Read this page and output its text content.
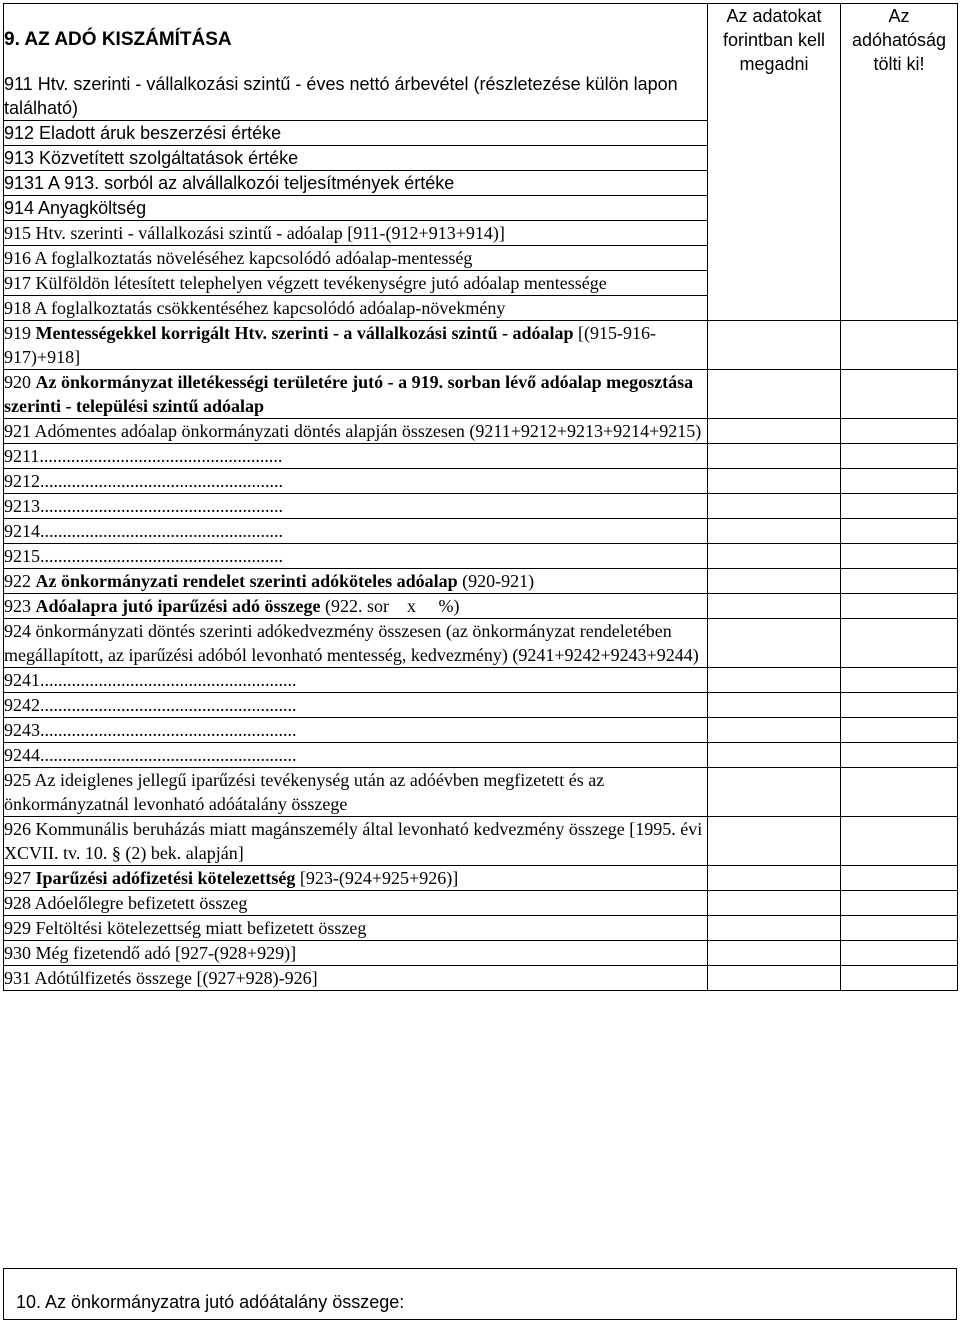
9. AZ ADÓ KISZÁMÍTÁSA
911 Htv. szerinti - vállalkozási szintű - éves nettó árbevétel (részletezése külön lapon található)	Az adatokat forintban kell megadni	Az adóhatóság tölti ki!

912 Eladott áruk beszerzési értéke		

913 Közvetített szolgáltatások értéke		

9131 A 913. sorból az alvállalkozói teljesítmények értéke		

914 Anyagköltség		

915 Htv. szerinti - vállalkozási szintű - adóalap [911-(912+913+914)]		

916 A foglalkoztatás növeléséhez kapcsolódó adóalap-mentesség		

917 Külföldön létesített telephelyen végzett tevékenységre jutó adóalap mentessége		

918 A foglalkoztatás csökkentéséhez kapcsolódó adóalap-növekmény		

919 Mentességekkel korrigált Htv. szerinti - a vállalkozási szintű - adóalap [(915-916-917)+918]		
920 Az önkormányzat illetékességi területére jutó - a 919. sorban lévő adóalap megosztása szerinti - települési szintű adóalap		

921 Adómentes adóalap önkormányzati döntés alapján összesen (9211+9212+9213+9214+9215)		

9211......................................................		

9212......................................................		

9213......................................................		

9214......................................................		

9215......................................................		

922 Az önkormányzati rendelet szerinti adóköteles adóalap (920-921)		
923 Adóalapra jutó iparűzési adó összege (922. sor    x     %)		

924 önkormányzati döntés szerinti adókedvezmény összesen (az önkormányzat rendeletében megállapított, az iparűzési adóból levonható mentesség, kedvezmény) (9241+9242+9243+9244)		

9241.........................................................		

9242.........................................................		

9243.........................................................		

9244.........................................................		

925 Az ideiglenes jellegű iparűzési tevékenység után az adóévben megfizetett és az önkormányzatnál levonható adóátalány összege		

926 Kommunális beruházás miatt magánszemély által levonható kedvezmény összege [1995. évi XCVII. tv. 10. § (2) bek. alapján]		

927 Iparűzési adófizetési kötelezettség [923-(924+925+926)]		

928 Adóelőlegre befizetett összeg		

929 Feltöltési kötelezettség miatt befizetett összeg		

930 Még fizetendő adó [927-(928+929)]		

931 Adótúlfizetés összege [(927+928)-926]		

10. Az önkormányzatra jutó adóátalány összege:
